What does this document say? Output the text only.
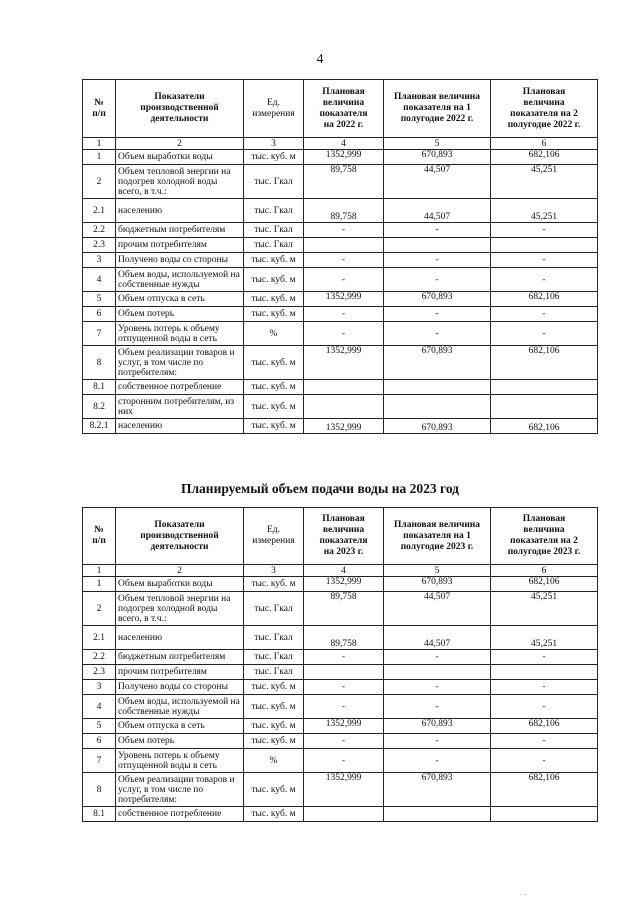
4
№
п/п	Показатели
производственной
деятельности	Ед.
измерения	Плановая
величина
показателя
на 2022 г.	Плановая величина
показателя на 1
полугодие 2022 г.	Плановая
величина
показателя на 2
полугодие 2022 г.
1	2	3	4	5	6
1	Объем выработки воды	тыс. куб. м	1352,999	670,893	682,106
2	Объем тепловой энергии на подогрев холодной воды всего, в т.ч.:	тыс. Гкал	89,758	44,507	45,251
2.1	населению	тыс. Гкал	89,758	44,507	45,251
2.2	бюджетным потребителям	тыс. Гкал	-	-	-
2.3	прочим потребителям	тыс. Гкал			
3	Получено воды со стороны	тыс. куб. м	-	-	-
4	Объем воды, используемой на собственные нужды	тыс. куб. м	-	-	-
5	Объем отпуска в сеть	тыс. куб. м	1352,999	670,893	682,106
6	Объем потерь	тыс. куб. м	-	-	-
7	Уровень потерь к объему отпущенной воды в сеть	%	-	-	-
8	Объем реализации товаров и услуг, в том числе по потребителям:	тыс. куб. м	1352,999	670,893	682,106
8.1	собственное потребление	тыс. куб. м			
8.2	сторонним потребителям, из них	тыс. куб. м			
8.2.1	населению	тыс. куб. м	1352,999	670,893	682,106
Планируемый объем подачи воды на 2023 год
№
п/п	Показатели
производственной
деятельности	Ед.
измерения	Плановая
величина
показателя
на 2023 г.	Плановая величина
показателя на 1
полугодие 2023 г.	Плановая
величина
показателя на 2
полугодие 2023 г.
1	2	3	4	5	6
1	Объем выработки воды	тыс. куб. м	1352,999	670,893	682,106
2	Объем тепловой энергии на подогрев холодной воды всего, в т.ч.:	тыс. Гкал	89,758	44,507	45,251
2.1	населению	тыс. Гкал	89,758	44,507	45,251
2.2	бюджетным потребителям	тыс. Гкал	-	-	-
2.3	прочим потребителям	тыс. Гкал			
3	Получено воды со стороны	тыс. куб. м	-	-	-
4	Объем воды, используемой на собственные нужды	тыс. куб. м	-	-	-
5	Объем отпуска в сеть	тыс. куб. м	1352,999	670,893	682,106
6	Объем потерь	тыс. куб. м	-	-	-
7	Уровень потерь к объему отпущенной воды в сеть	%	-	-	-
8	Объем реализации товаров и услуг, в том числе по потребителям:	тыс. куб. м	1352,999	670,893	682,106
8.1	собственное потребление	тыс. куб. м			
. .
